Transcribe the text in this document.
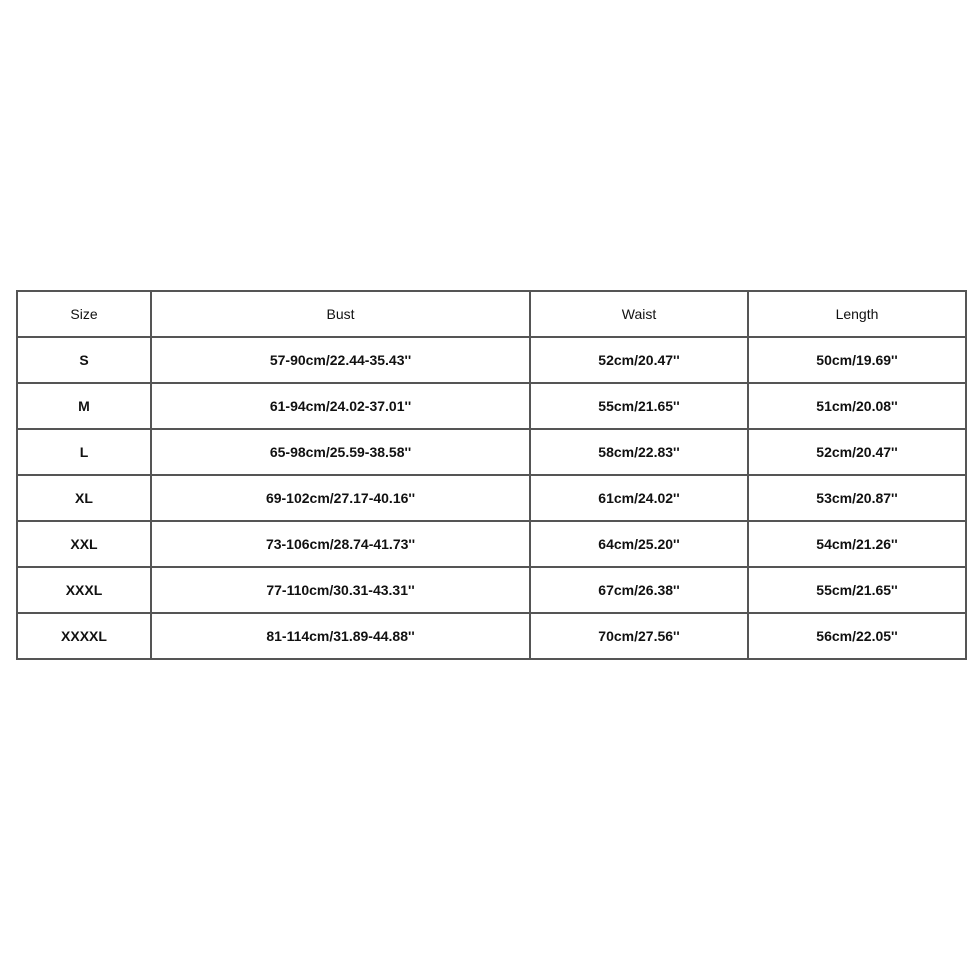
Size	Bust	Waist	Length
S	57-90cm/22.44-35.43''	52cm/20.47''	50cm/19.69''
M	61-94cm/24.02-37.01''	55cm/21.65''	51cm/20.08''
L	65-98cm/25.59-38.58''	58cm/22.83''	52cm/20.47''
XL	69-102cm/27.17-40.16''	61cm/24.02''	53cm/20.87''
XXL	73-106cm/28.74-41.73''	64cm/25.20''	54cm/21.26''
XXXL	77-110cm/30.31-43.31''	67cm/26.38''	55cm/21.65''
XXXXL	81-114cm/31.89-44.88''	70cm/27.56''	56cm/22.05''
